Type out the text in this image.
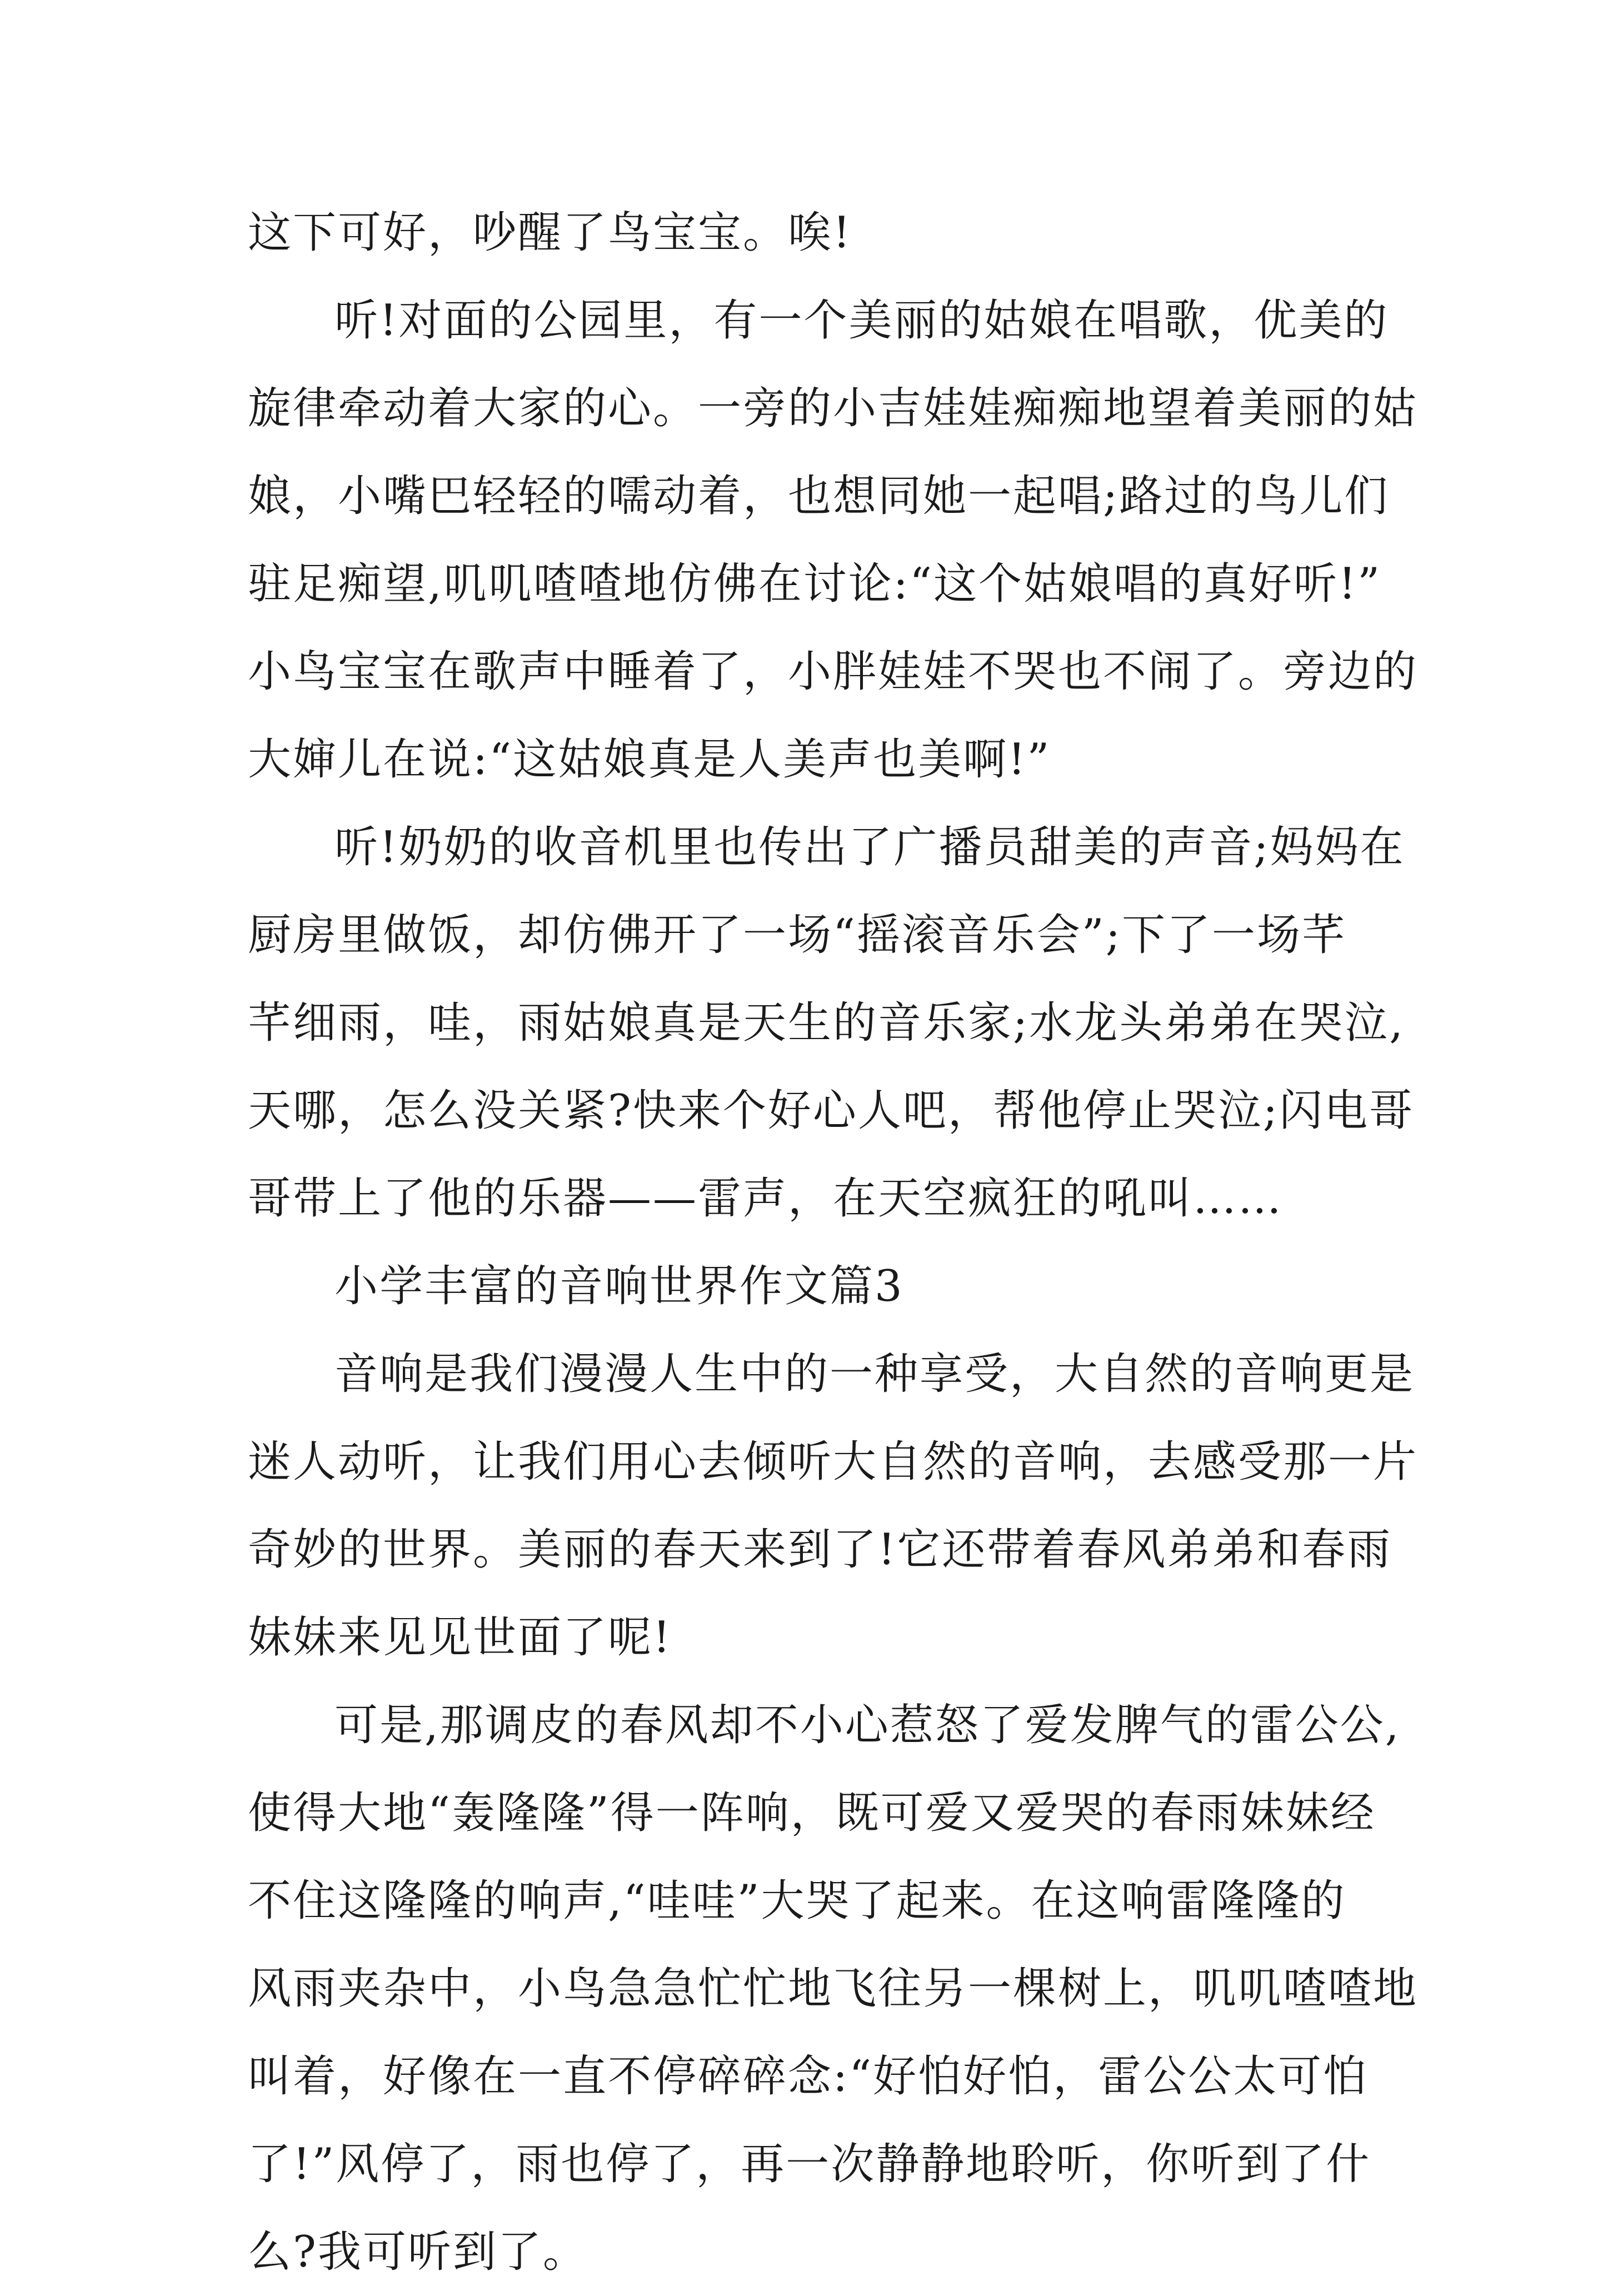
这下可好，吵醒了鸟宝宝。唉!
听!对面的公园里，有一个美丽的姑娘在唱歌，优美的
旋律牵动着大家的心。一旁的小吉娃娃痴痴地望着美丽的姑
娘，小嘴巴轻轻的嚅动着，也想同她一起唱;路过的鸟儿们
驻足痴望,叽叽喳喳地仿佛在讨论:“这个姑娘唱的真好听!”
小鸟宝宝在歌声中睡着了，小胖娃娃不哭也不闹了。旁边的
大婶儿在说:“这姑娘真是人美声也美啊!”
听!奶奶的收音机里也传出了广播员甜美的声音;妈妈在
厨房里做饭，却仿佛开了一场“摇滚音乐会”;下了一场芊
芊细雨，哇，雨姑娘真是天生的音乐家;水龙头弟弟在哭泣,
天哪，怎么没关紧?快来个好心人吧，帮他停止哭泣;闪电哥
哥带上了他的乐器——雷声，在天空疯狂的吼叫……
小学丰富的音响世界作文篇3
音响是我们漫漫人生中的一种享受，大自然的音响更是
迷人动听，让我们用心去倾听大自然的音响，去感受那一片
奇妙的世界。美丽的春天来到了!它还带着春风弟弟和春雨
妹妹来见见世面了呢!
可是,那调皮的春风却不小心惹怒了爱发脾气的雷公公,
使得大地“轰隆隆”得一阵响，既可爱又爱哭的春雨妹妹经
不住这隆隆的响声,“哇哇”大哭了起来。在这响雷隆隆的
风雨夹杂中，小鸟急急忙忙地飞往另一棵树上，叽叽喳喳地
叫着，好像在一直不停碎碎念:“好怕好怕，雷公公太可怕
了!”风停了，雨也停了，再一次静静地聆听，你听到了什
么?我可听到了。
